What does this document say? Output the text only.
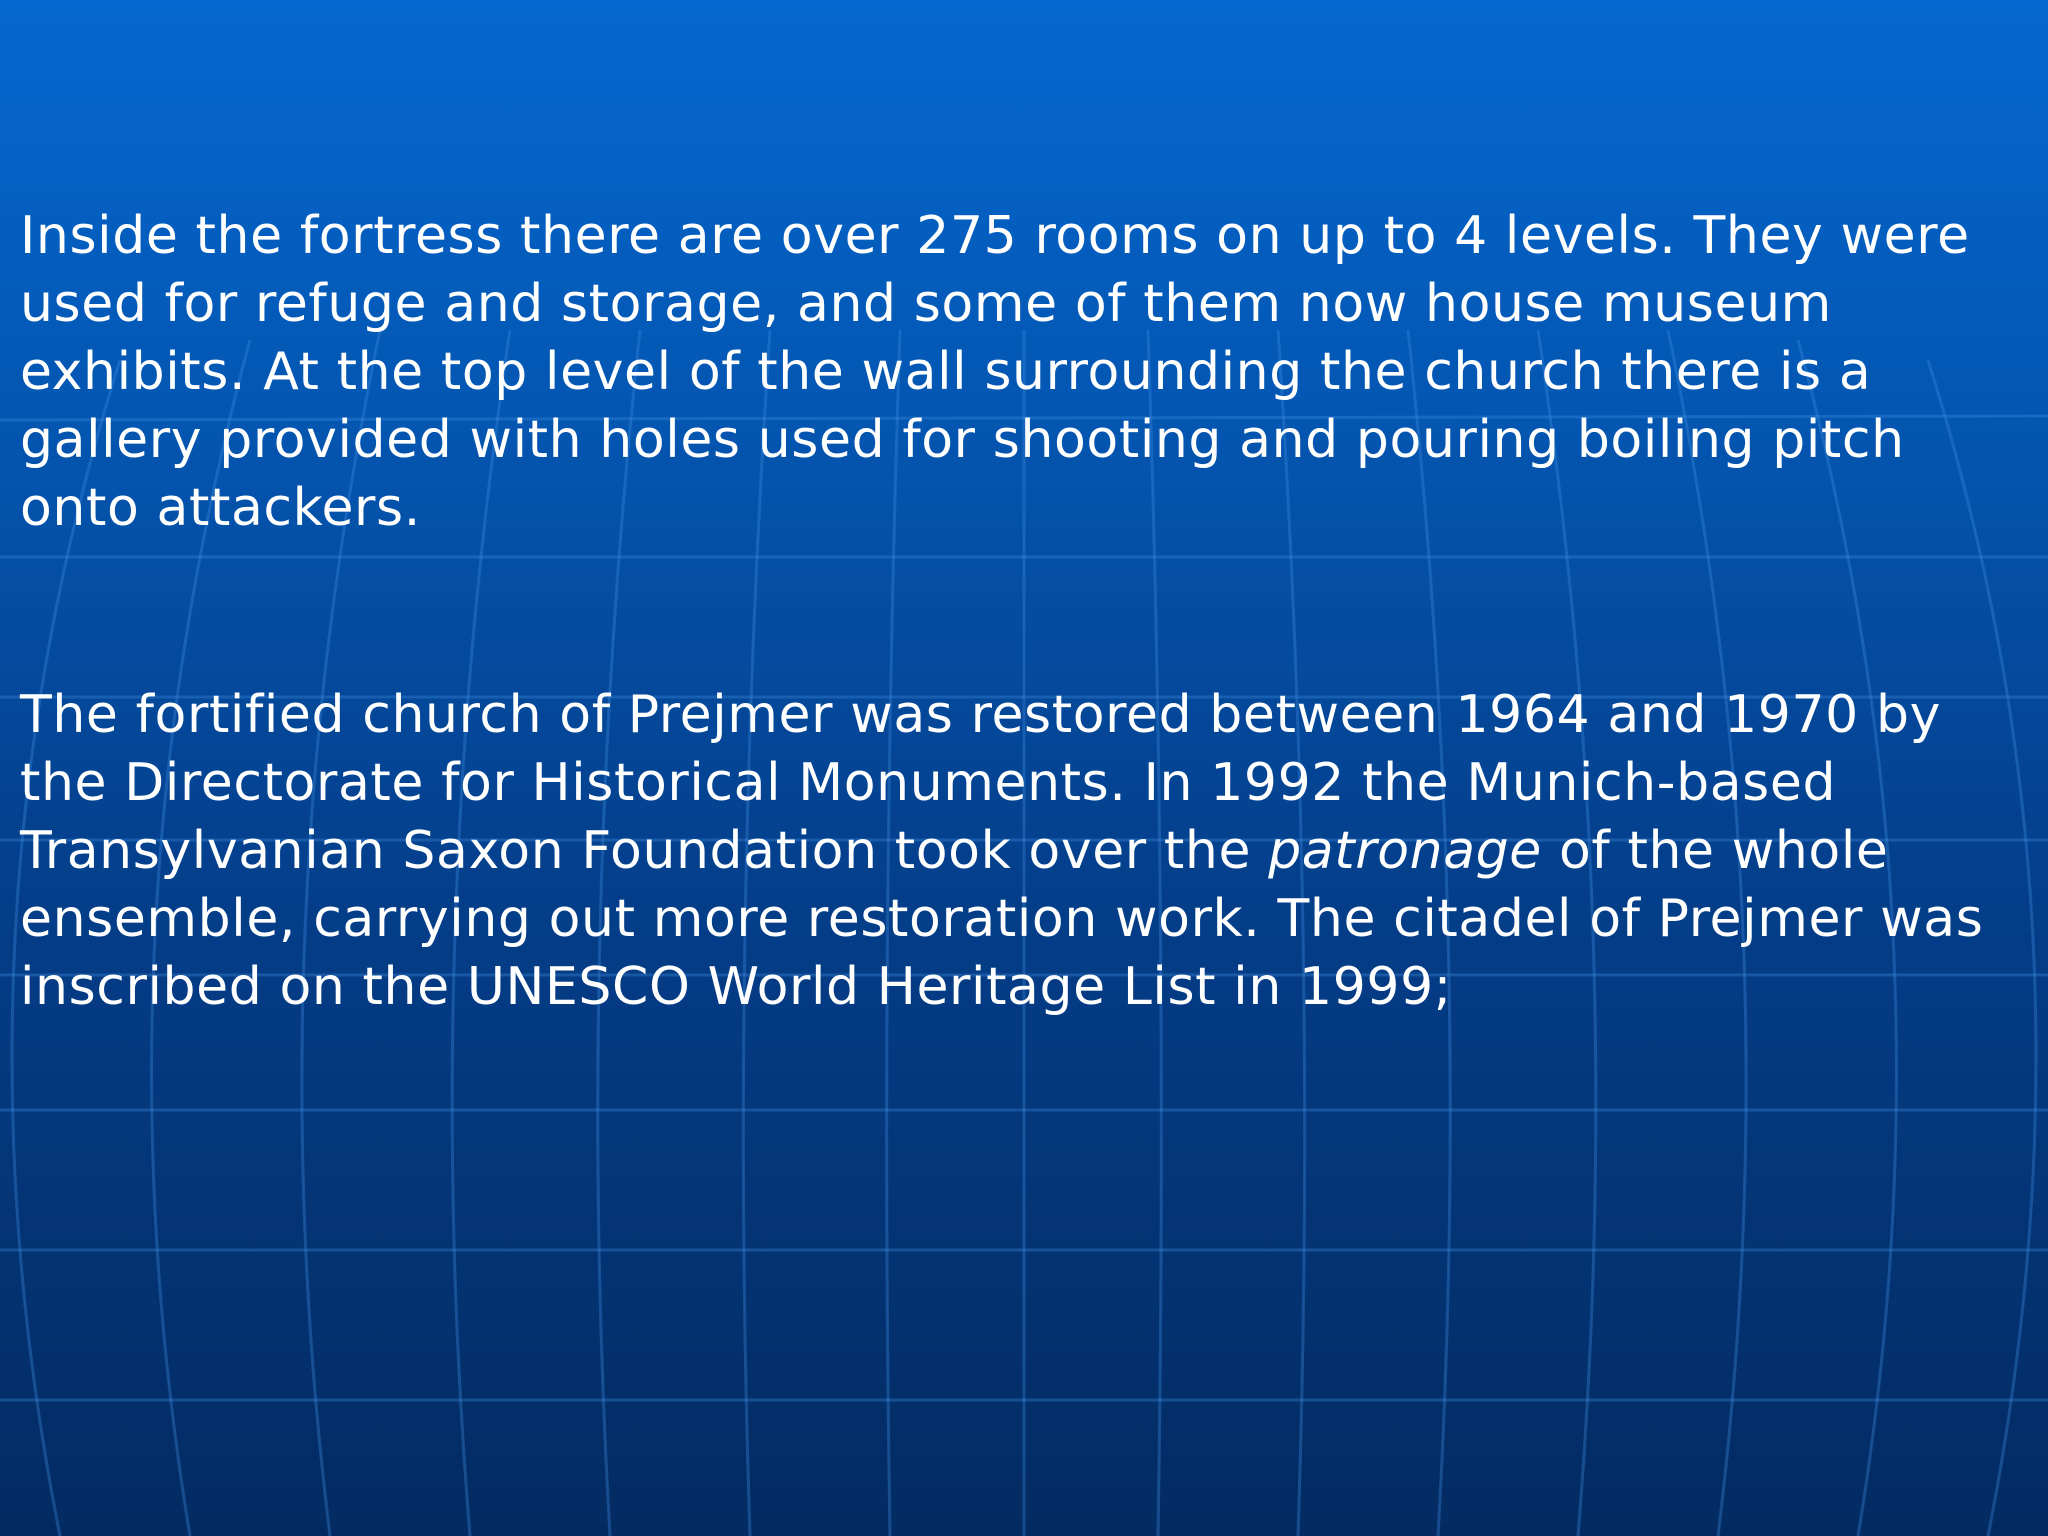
Inside the fortress there are over 275 rooms on up to 4 levels. They were used for refuge and storage, and some of them now house museum exhibits. At the top level of the wall surrounding the church there is a gallery provided with holes used for shooting and pouring boiling pitch onto attackers.

The fortified church of Prejmer was restored between 1964 and 1970 by the Directorate for Historical Monuments. In 1992 the Munich-based Transylvanian Saxon Foundation took over the patronage of the whole ensemble, carrying out more restoration work. The citadel of Prejmer was inscribed on the UNESCO World Heritage List in 1999;
